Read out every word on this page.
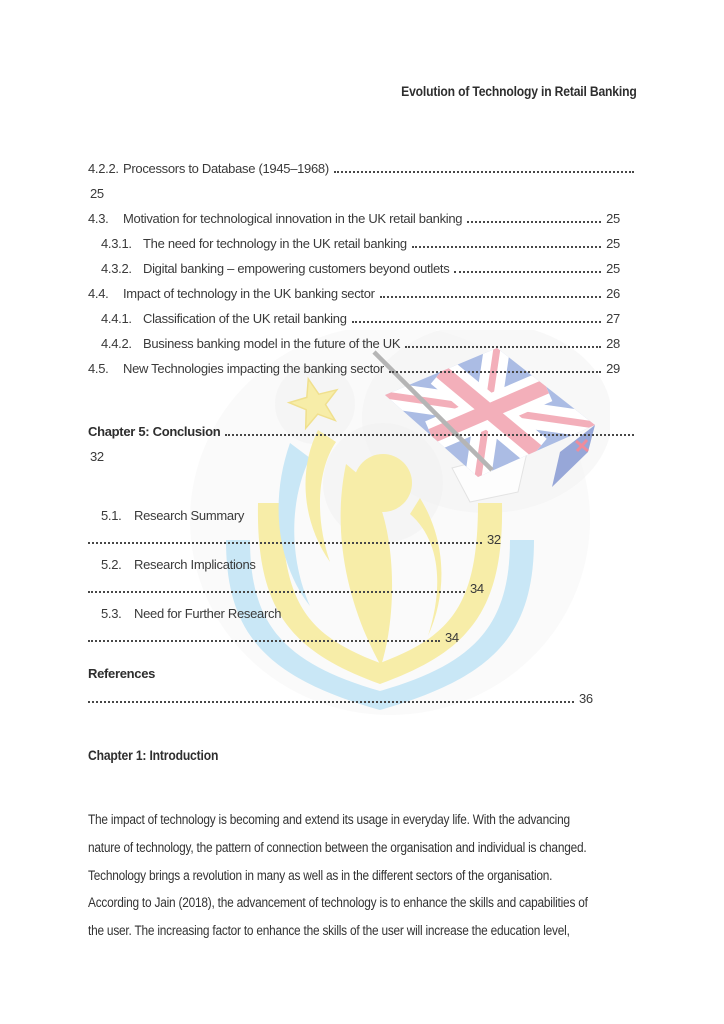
Evolution of Technology in Retail Banking
4.2.2. Processors to Database (1945–1968)
25
4.3.	Motivation for technological innovation in the UK retail banking	25
4.3.1. The need for technology in the UK retail banking	25
4.3.2. Digital banking – empowering customers beyond outlets	25
4.4.	Impact of technology in the UK banking sector	26
4.4.1. Classification of the UK retail banking	27
4.4.2. Business banking model in the future of the UK	28
4.5.	New Technologies impacting the banking sector	29
Chapter 5: Conclusion
32
5.1. Research Summary
32
5.2. Research Implications
34
5.3. Need for Further Research
34
References
36
Chapter 1: Introduction
The impact of technology is becoming and extend its usage in everyday life. With the advancing
nature of technology, the pattern of connection between the organisation and individual is changed.
Technology brings a revolution in many as well as in the different sectors of the organisation.
According to Jain (2018), the advancement of technology is to enhance the skills and capabilities of
the user. The increasing factor to enhance the skills of the user will increase the education level,
